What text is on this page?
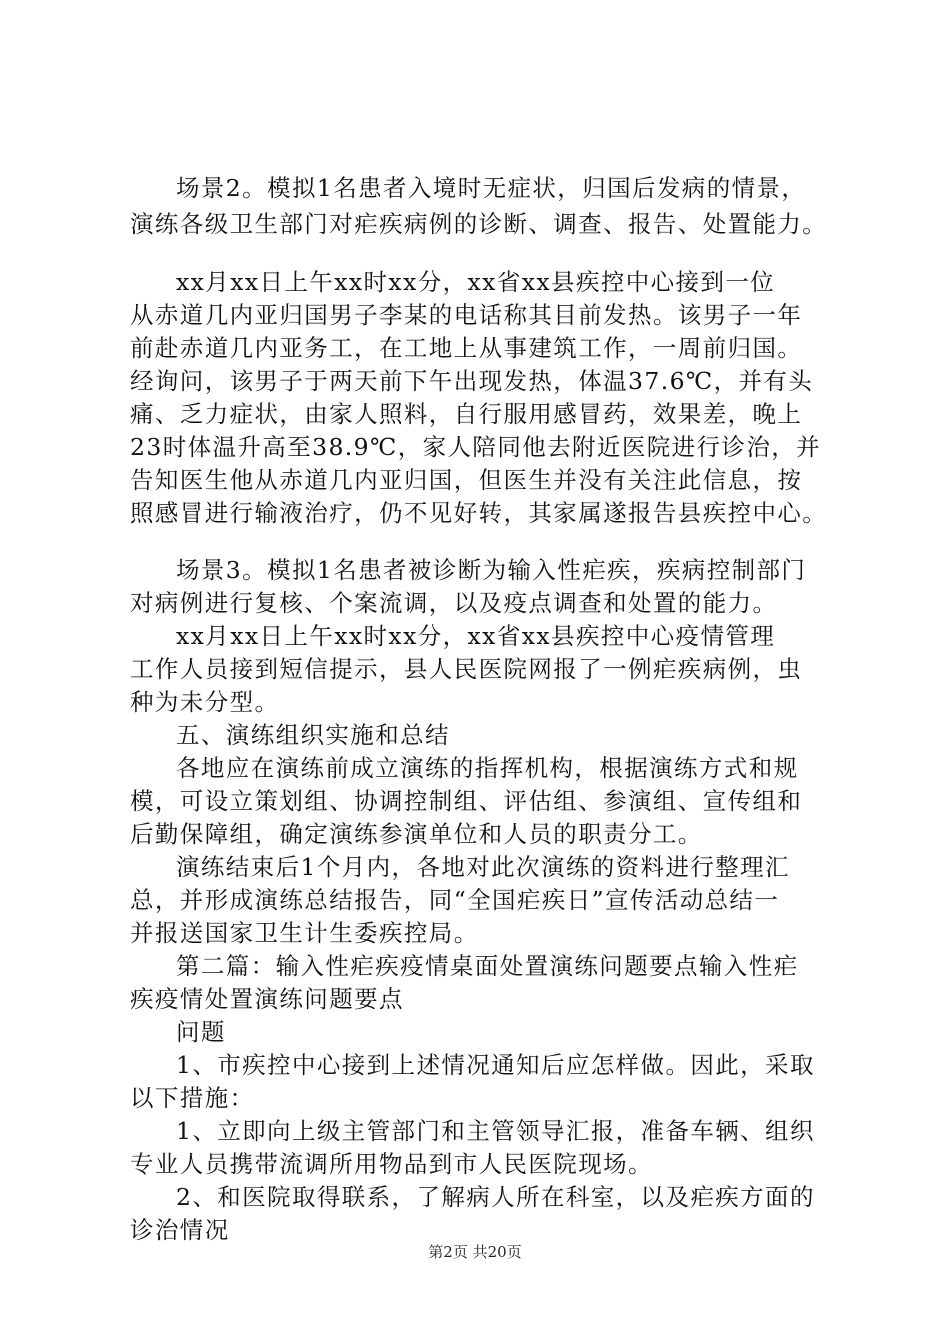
场景2。模拟1名患者入境时无症状，归国后发病的情景，
演练各级卫生部门对疟疾病例的诊断、调查、报告、处置能力。
xx月xx日上午xx时xx分，xx省xx县疾控中心接到一位
从赤道几内亚归国男子李某的电话称其目前发热。该男子一年
前赴赤道几内亚务工，在工地上从事建筑工作，一周前归国。
经询问，该男子于两天前下午出现发热，体温37.6℃，并有头
痛、乏力症状，由家人照料，自行服用感冒药，效果差，晚上
23时体温升高至38.9℃，家人陪同他去附近医院进行诊治，并
告知医生他从赤道几内亚归国，但医生并没有关注此信息，按
照感冒进行输液治疗，仍不见好转，其家属遂报告县疾控中心。
场景3。模拟1名患者被诊断为输入性疟疾，疾病控制部门
对病例进行复核、个案流调，以及疫点调查和处置的能力。
xx月xx日上午xx时xx分，xx省xx县疾控中心疫情管理
工作人员接到短信提示，县人民医院网报了一例疟疾病例，虫
种为未分型。
五、演练组织实施和总结
各地应在演练前成立演练的指挥机构，根据演练方式和规
模，可设立策划组、协调控制组、评估组、参演组、宣传组和
后勤保障组，确定演练参演单位和人员的职责分工。
演练结束后1个月内，各地对此次演练的资料进行整理汇
总，并形成演练总结报告，同“全国疟疾日”宣传活动总结一
并报送国家卫生计生委疾控局。
第二篇：输入性疟疾疫情桌面处置演练问题要点输入性疟
疾疫情处置演练问题要点
问题
1、市疾控中心接到上述情况通知后应怎样做。因此，采取
以下措施：
1、立即向上级主管部门和主管领导汇报，准备车辆、组织
专业人员携带流调所用物品到市人民医院现场。
2、和医院取得联系，了解病人所在科室，以及疟疾方面的
诊治情况
第2页 共20页
